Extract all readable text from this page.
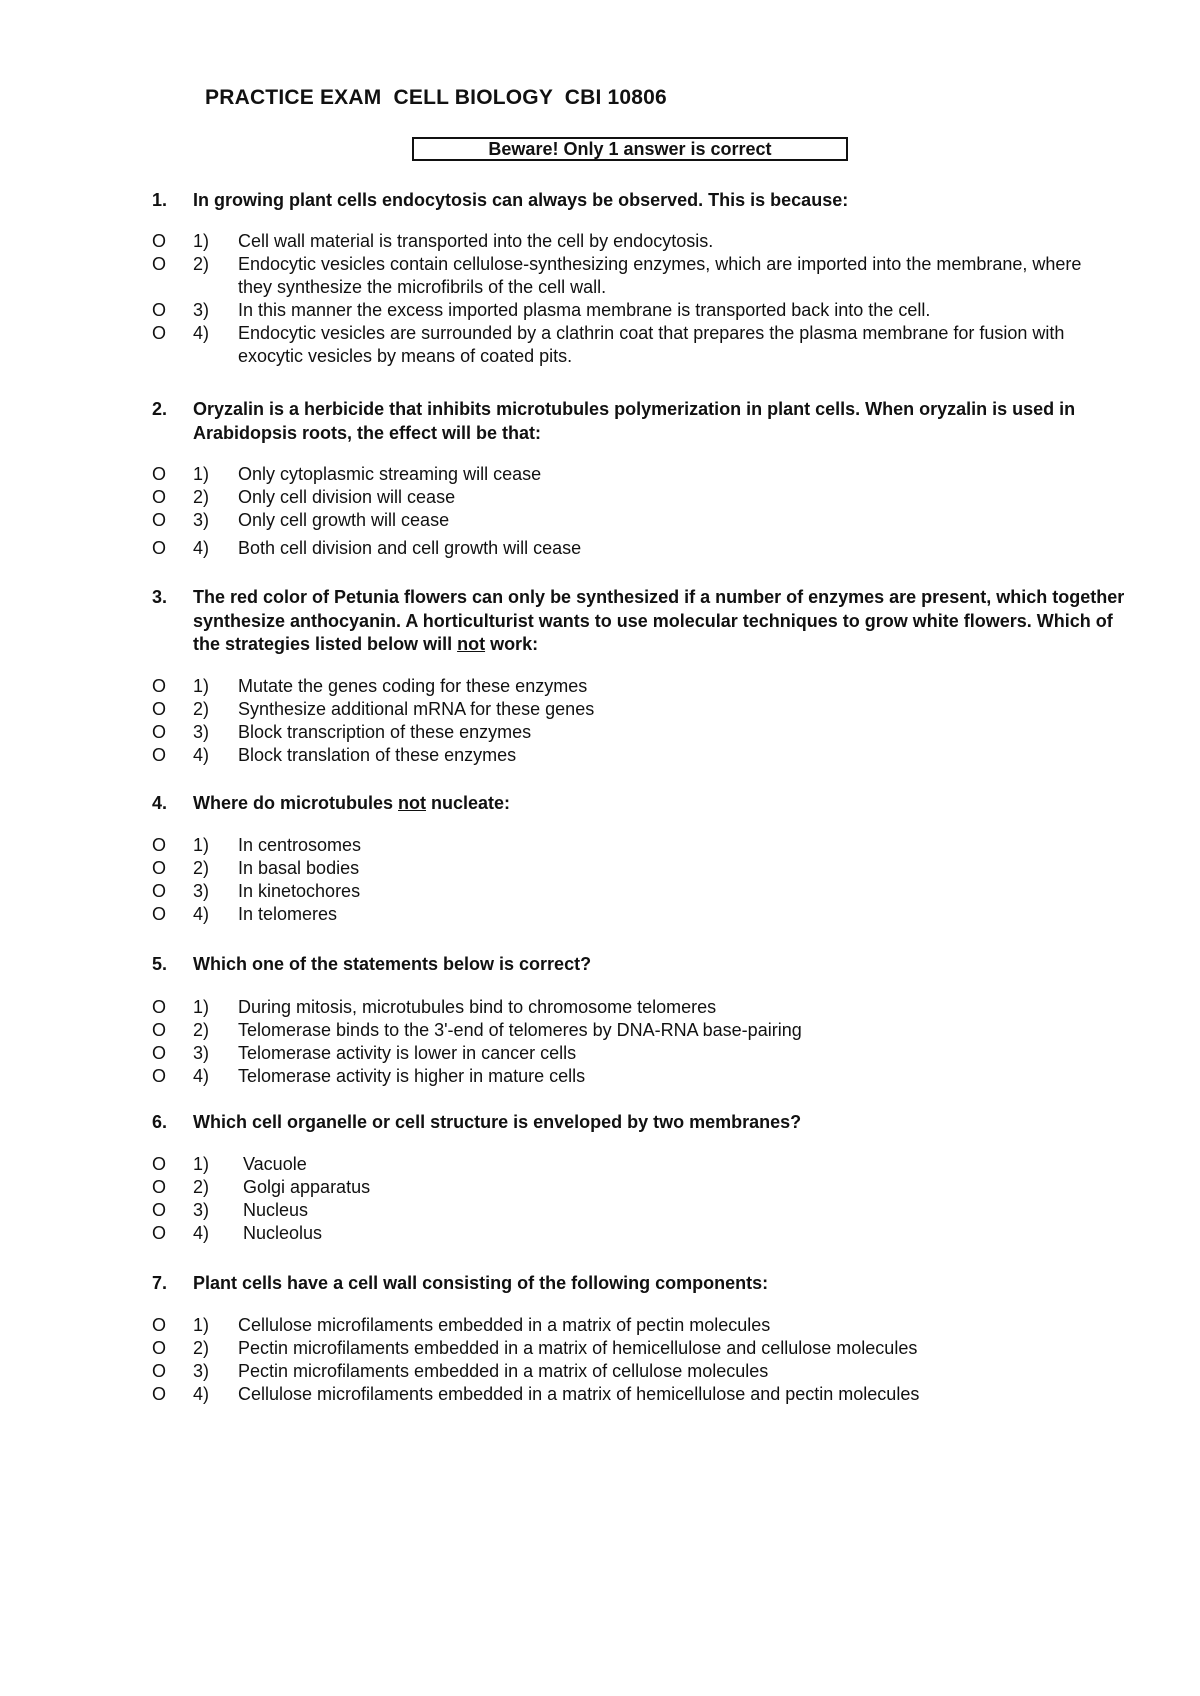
PRACTICE EXAM  CELL BIOLOGY  CBI 10806
Beware! Only 1 answer is correct
1. In growing plant cells endocytosis can always be observed. This is because:
O 1) Cell wall material is transported into the cell by endocytosis.
O 2) Endocytic vesicles contain cellulose-synthesizing enzymes, which are imported into the membrane, where they synthesize the microfibrils of the cell wall.
O 3) In this manner the excess imported plasma membrane is transported back into the cell.
O 4) Endocytic vesicles are surrounded by a clathrin coat that prepares the plasma membrane for fusion with exocytic vesicles by means of coated pits.
2. Oryzalin is a herbicide that inhibits microtubules polymerization in plant cells. When oryzalin is used in Arabidopsis roots, the effect will be that:
O 1) Only cytoplasmic streaming will cease
O 2) Only cell division will cease
O 3) Only cell growth will cease
O 4) Both cell division and cell growth will cease
3. The red color of Petunia flowers can only be synthesized if a number of enzymes are present, which together synthesize anthocyanin. A horticulturist wants to use molecular techniques to grow white flowers. Which of the strategies listed below will not work:
O 1) Mutate the genes coding for these enzymes
O 2) Synthesize additional mRNA for these genes
O 3) Block transcription of these enzymes
O 4) Block translation of these enzymes
4. Where do microtubules not nucleate:
O 1) In centrosomes
O 2) In basal bodies
O 3) In kinetochores
O 4) In telomeres
5. Which one of the statements below is correct?
O 1) During mitosis, microtubules bind to chromosome telomeres
O 2) Telomerase binds to the 3'-end of telomeres by DNA-RNA base-pairing
O 3) Telomerase activity is lower in cancer cells
O 4) Telomerase activity is higher in mature cells
6. Which cell organelle or cell structure is enveloped by two membranes?
O 1) Vacuole
O 2) Golgi apparatus
O 3) Nucleus
O 4) Nucleolus
7. Plant cells have a cell wall consisting of the following components:
O 1) Cellulose microfilaments embedded in a matrix of pectin molecules
O 2) Pectin microfilaments embedded in a matrix of hemicellulose and cellulose molecules
O 3) Pectin microfilaments embedded in a matrix of cellulose molecules
O 4) Cellulose microfilaments embedded in a matrix of hemicellulose and pectin molecules
